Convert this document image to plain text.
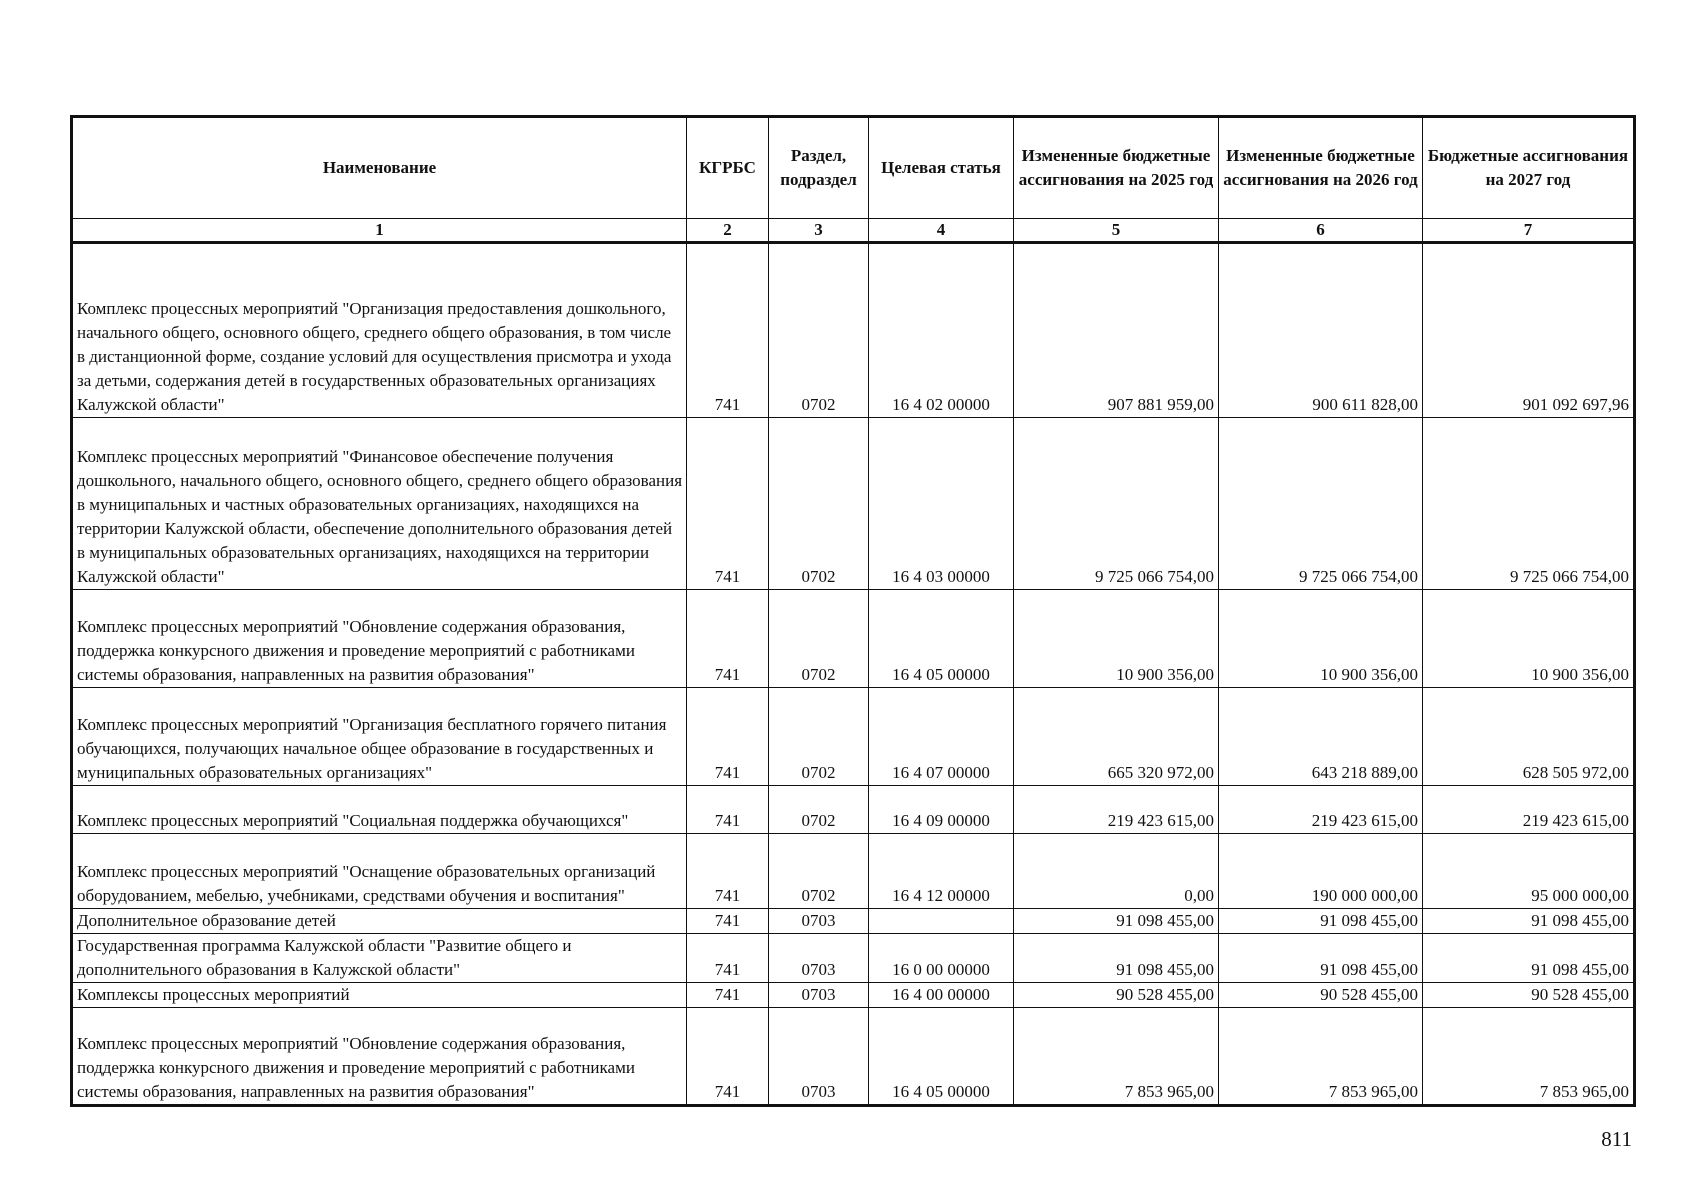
Наименование	КГРБС	Раздел, подраздел	Целевая статья	Измененные бюджетные ассигнования на 2025 год	Измененные бюджетные ассигнования на 2026 год	Бюджетные ассигнования на 2027 год
1	2	3	4	5	6	7
Комплекс процессных мероприятий "Организация предоставления дошкольного, начального общего, основного общего, среднего общего образования, в том числе в дистанционной форме, создание условий для осуществления присмотра и ухода за детьми, содержания детей в государственных образовательных организациях Калужской области"	741	0702	16 4 02 00000	907 881 959,00	900 611 828,00	901 092 697,96
Комплекс процессных мероприятий "Финансовое обеспечение получения дошкольного, начального общего, основного общего, среднего общего образования в муниципальных и частных образовательных организациях, находящихся на территории Калужской области, обеспечение дополнительного образования детей в муниципальных образовательных организациях, находящихся на территории Калужской области"	741	0702	16 4 03 00000	9 725 066 754,00	9 725 066 754,00	9 725 066 754,00
Комплекс процессных мероприятий "Обновление содержания образования, поддержка конкурсного движения и проведение мероприятий с работниками системы образования, направленных на развития образования"	741	0702	16 4 05 00000	10 900 356,00	10 900 356,00	10 900 356,00
Комплекс процессных мероприятий "Организация бесплатного горячего питания обучающихся, получающих начальное общее образование в государственных и муниципальных образовательных организациях"	741	0702	16 4 07 00000	665 320 972,00	643 218 889,00	628 505 972,00
Комплекс процессных мероприятий "Социальная поддержка обучающихся"	741	0702	16 4 09 00000	219 423 615,00	219 423 615,00	219 423 615,00
Комплекс процессных мероприятий "Оснащение образовательных организаций оборудованием, мебелью, учебниками, средствами обучения и воспитания"	741	0702	16 4 12 00000	0,00	190 000 000,00	95 000 000,00
Дополнительное образование детей	741	0703		91 098 455,00	91 098 455,00	91 098 455,00
Государственная программа Калужской области "Развитие общего и дополнительного образования в Калужской области"	741	0703	16 0 00 00000	91 098 455,00	91 098 455,00	91 098 455,00
Комплексы процессных мероприятий	741	0703	16 4 00 00000	90 528 455,00	90 528 455,00	90 528 455,00
Комплекс процессных мероприятий "Обновление содержания образования, поддержка конкурсного движения и проведение мероприятий с работниками системы образования, направленных на развития образования"	741	0703	16 4 05 00000	7 853 965,00	7 853 965,00	7 853 965,00
811
